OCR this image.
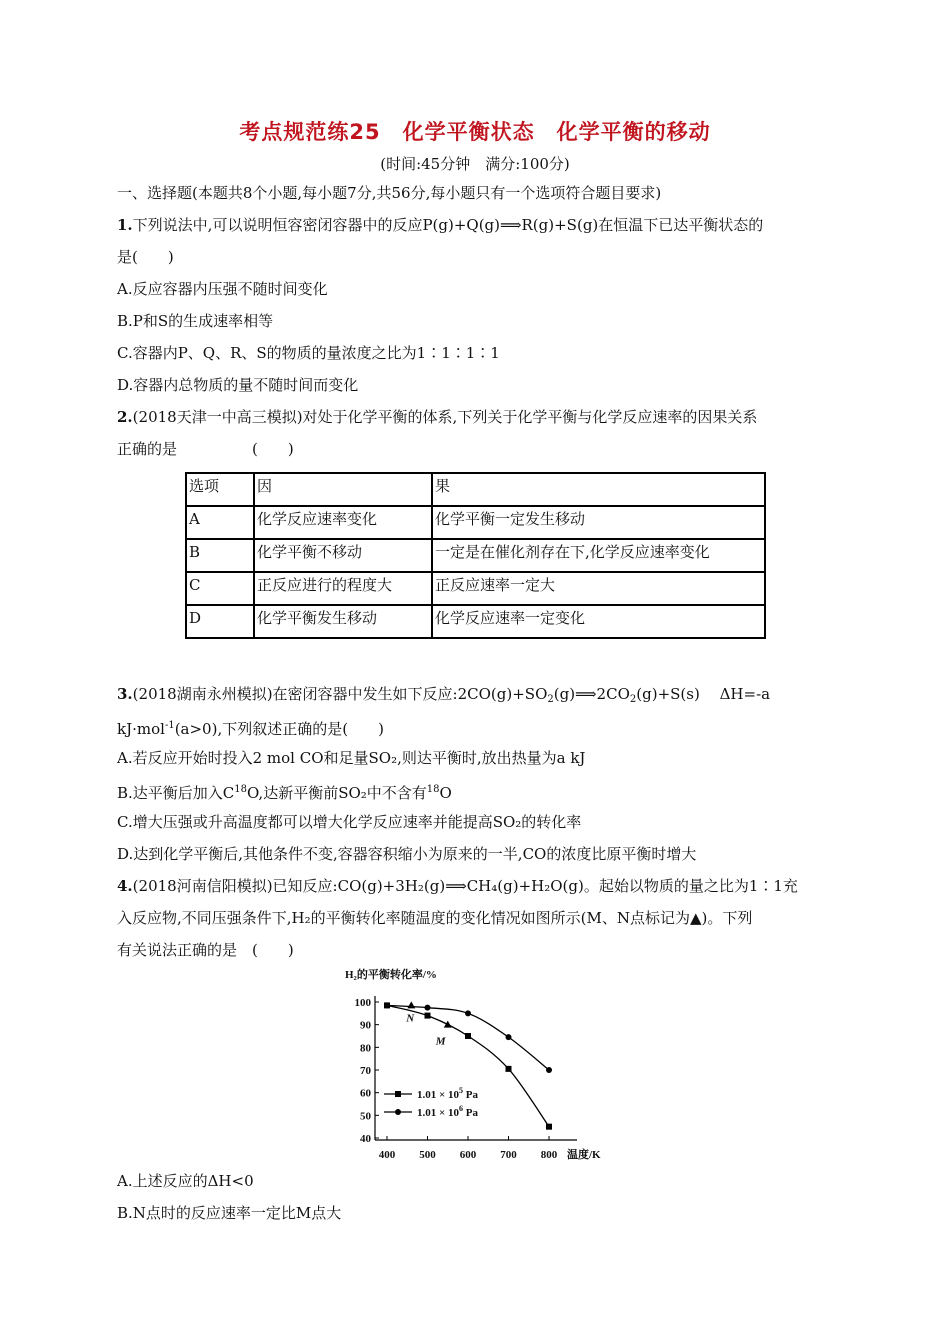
考点规范练25　化学平衡状态　化学平衡的移动
(时间:45分钟　满分:100分)
一、选择题(本题共8个小题,每小题7分,共56分,每小题只有一个选项符合题目要求)
1.下列说法中,可以说明恒容密闭容器中的反应P(g)+Q(g)⟹R(g)+S(g)在恒温下已达平衡状态的
是(　　)
A.反应容器内压强不随时间变化
B.P和S的生成速率相等
C.容器内P、Q、R、S的物质的量浓度之比为1∶1∶1∶1
D.容器内总物质的量不随时间而变化
2.(2018天津一中高三模拟)对处于化学平衡的体系,下列关于化学平衡与化学反应速率的因果关系
正确的是　　　　　(　　)
选项	因	果
A	化学反应速率变化	化学平衡一定发生移动
B	化学平衡不移动	一定是在催化剂存在下,化学反应速率变化
C	正反应进行的程度大	正反应速率一定大
D	化学平衡发生移动	化学反应速率一定变化
3.(2018湖南永州模拟)在密闭容器中发生如下反应$:2CO(g)+SO_2(g)⟹2CO_2(g)+S(s)$　 ΔH=-a
kJ·mol$^{-1}$(a>0),下列叙述正确的是(　　)
A.若反应开始时投入2 mol CO和足量SO₂,则达平衡时,放出热量为a kJ
B.达平衡后加入$C^{18}O$,达新平衡前SO₂中不含有$^{18}$O
C.增大压强或升高温度都可以增大化学反应速率并能提高SO₂的转化率
D.达到化学平衡后,其他条件不变,容器容积缩小为原来的一半,CO的浓度比原平衡时增大
4.(2018河南信阳模拟)已知反应:CO(g)+3H₂(g)⟹CH₄(g)+H₂O(g)。起始以物质的量之比为1∶1充
入反应物,不同压强条件下,H₂的平衡转化率随温度的变化情况如图所示(M、N点标记为▲)。下列
有关说法正确的是　(　　)
H₂的平衡转化率/%
40
50
60
70
80
90
100
400 500 600 700 800 温度/K
N
M
$1.01 \times 10^5$ Pa
$1.01 \times 10^6$ Pa
A.上述反应的ΔH<0
B.N点时的反应速率一定比M点大
